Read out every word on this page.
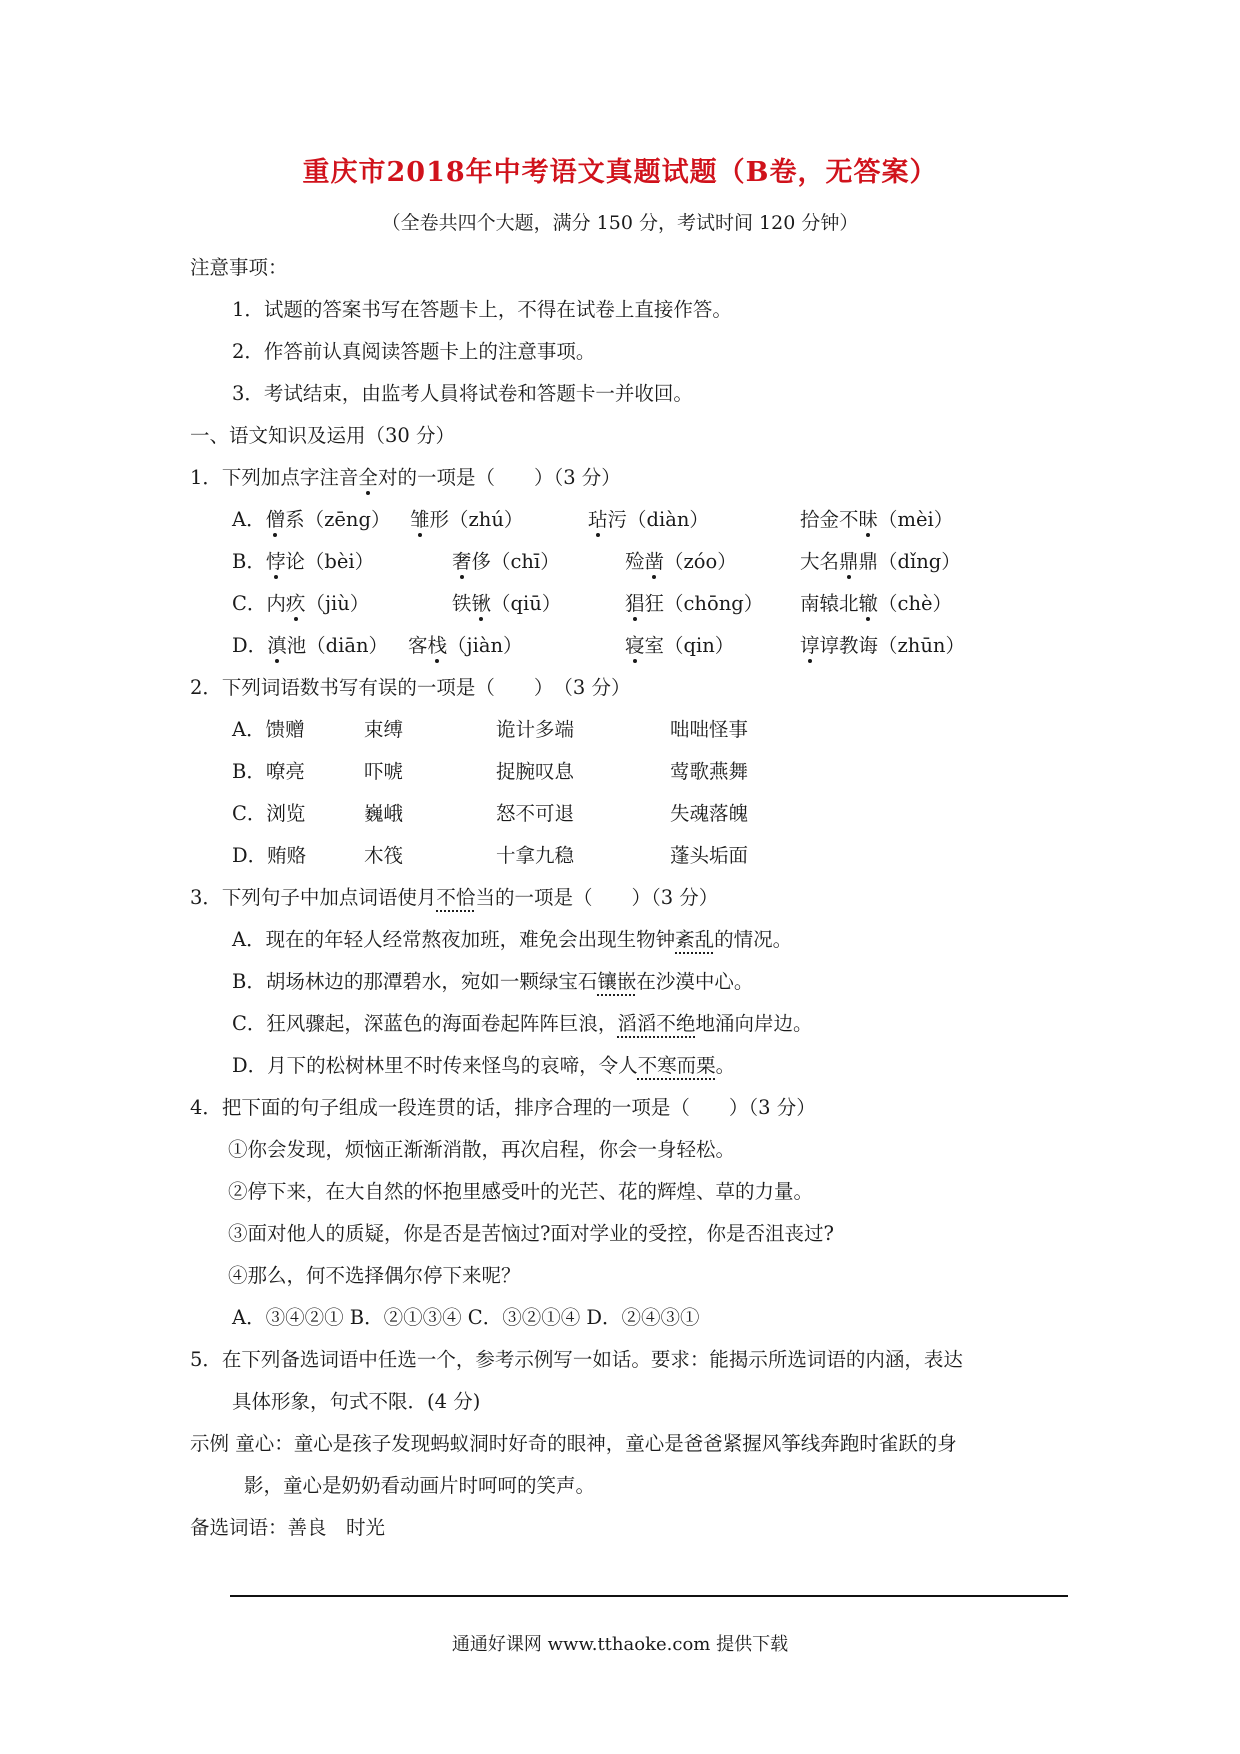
重庆市2018年中考语文真题试题（B卷，无答案）
（全卷共四个大题，满分 150 分，考试时间 120 分钟）
注意事项：
1．试题的答案书写在答题卡上，不得在试卷上直接作答。
2．作答前认真阅读答题卡上的注意事项。
3．考试结束，由监考人員将试卷和答题卡一并收回。
一、语文知识及运用（30 分）
1．下列加点字注音全对的一项是（　　）（3 分）
A．僧系（zēng） 雏形（zhú）	玷污（diàn）	拾金不昧（mèi）
B．悖论（bèi）	奢侈（chī）	殓凿（zóo）	大名鼎鼎（dǐng）
C．内疚（jiù）	铁锹（qiū）	猖狂（chōng） 南辕北辙（chè）
D．滇池（diān） 客栈（jiàn）	寝室（qin）	谆谆教诲（zhūn）
2．下列词语数书写有误的一项是（　　）　（3 分）
A．馈赠	束缚	诡计多端	咄咄怪事
B．嘹亮	吓唬	捉腕叹息	莺歌燕舞
C．浏览	巍峨	怒不可退	失魂落魄
D．贿赂	木筏	十拿九稳	蓬头垢面
3．下列句子中加点词语使月不恰当的一项是（　　）（3 分）
A．现在的年轻人经常熬夜加班，难免会出现生物钟紊乱的情况。
B．胡场林边的那潭碧水，宛如一颗绿宝石镶嵌在沙漠中心。
C．狂风骤起，深蓝色的海面卷起阵阵巨浪，滔滔不绝地涌向岸边。
D．月下的松树林里不时传来怪鸟的哀啼，令人不寒而栗。
4．把下面的句子组成一段连贯的话，排序合理的一项是（　　）（3 分）
①你会发现，烦恼正渐渐消散，再次启程，你会一身轻松。
②停下来，在大自然的怀抱里感受叶的光芒、花的辉煌、草的力量。
③面对他人的质疑，你是否是苦恼过?面对学业的受控，你是否沮丧过?
④那么，何不选择偶尔停下来呢？
A．③④②① B．②①③④ C．③②①④ D．②④③①
5．在下列备选词语中任选一个，参考示例写一如话。要求：能揭示所选词语的内涵，表达
具体形象，句式不限．(4 分)
示例 童心：童心是孩子发现蚂蚁洞时好奇的眼神，童心是爸爸紧握风筝线奔跑时雀跃的身
影，童心是奶奶看动画片时呵呵的笑声。
备选词语：善良　时光
通通好课网 www.tthaoke.com 提供下载
